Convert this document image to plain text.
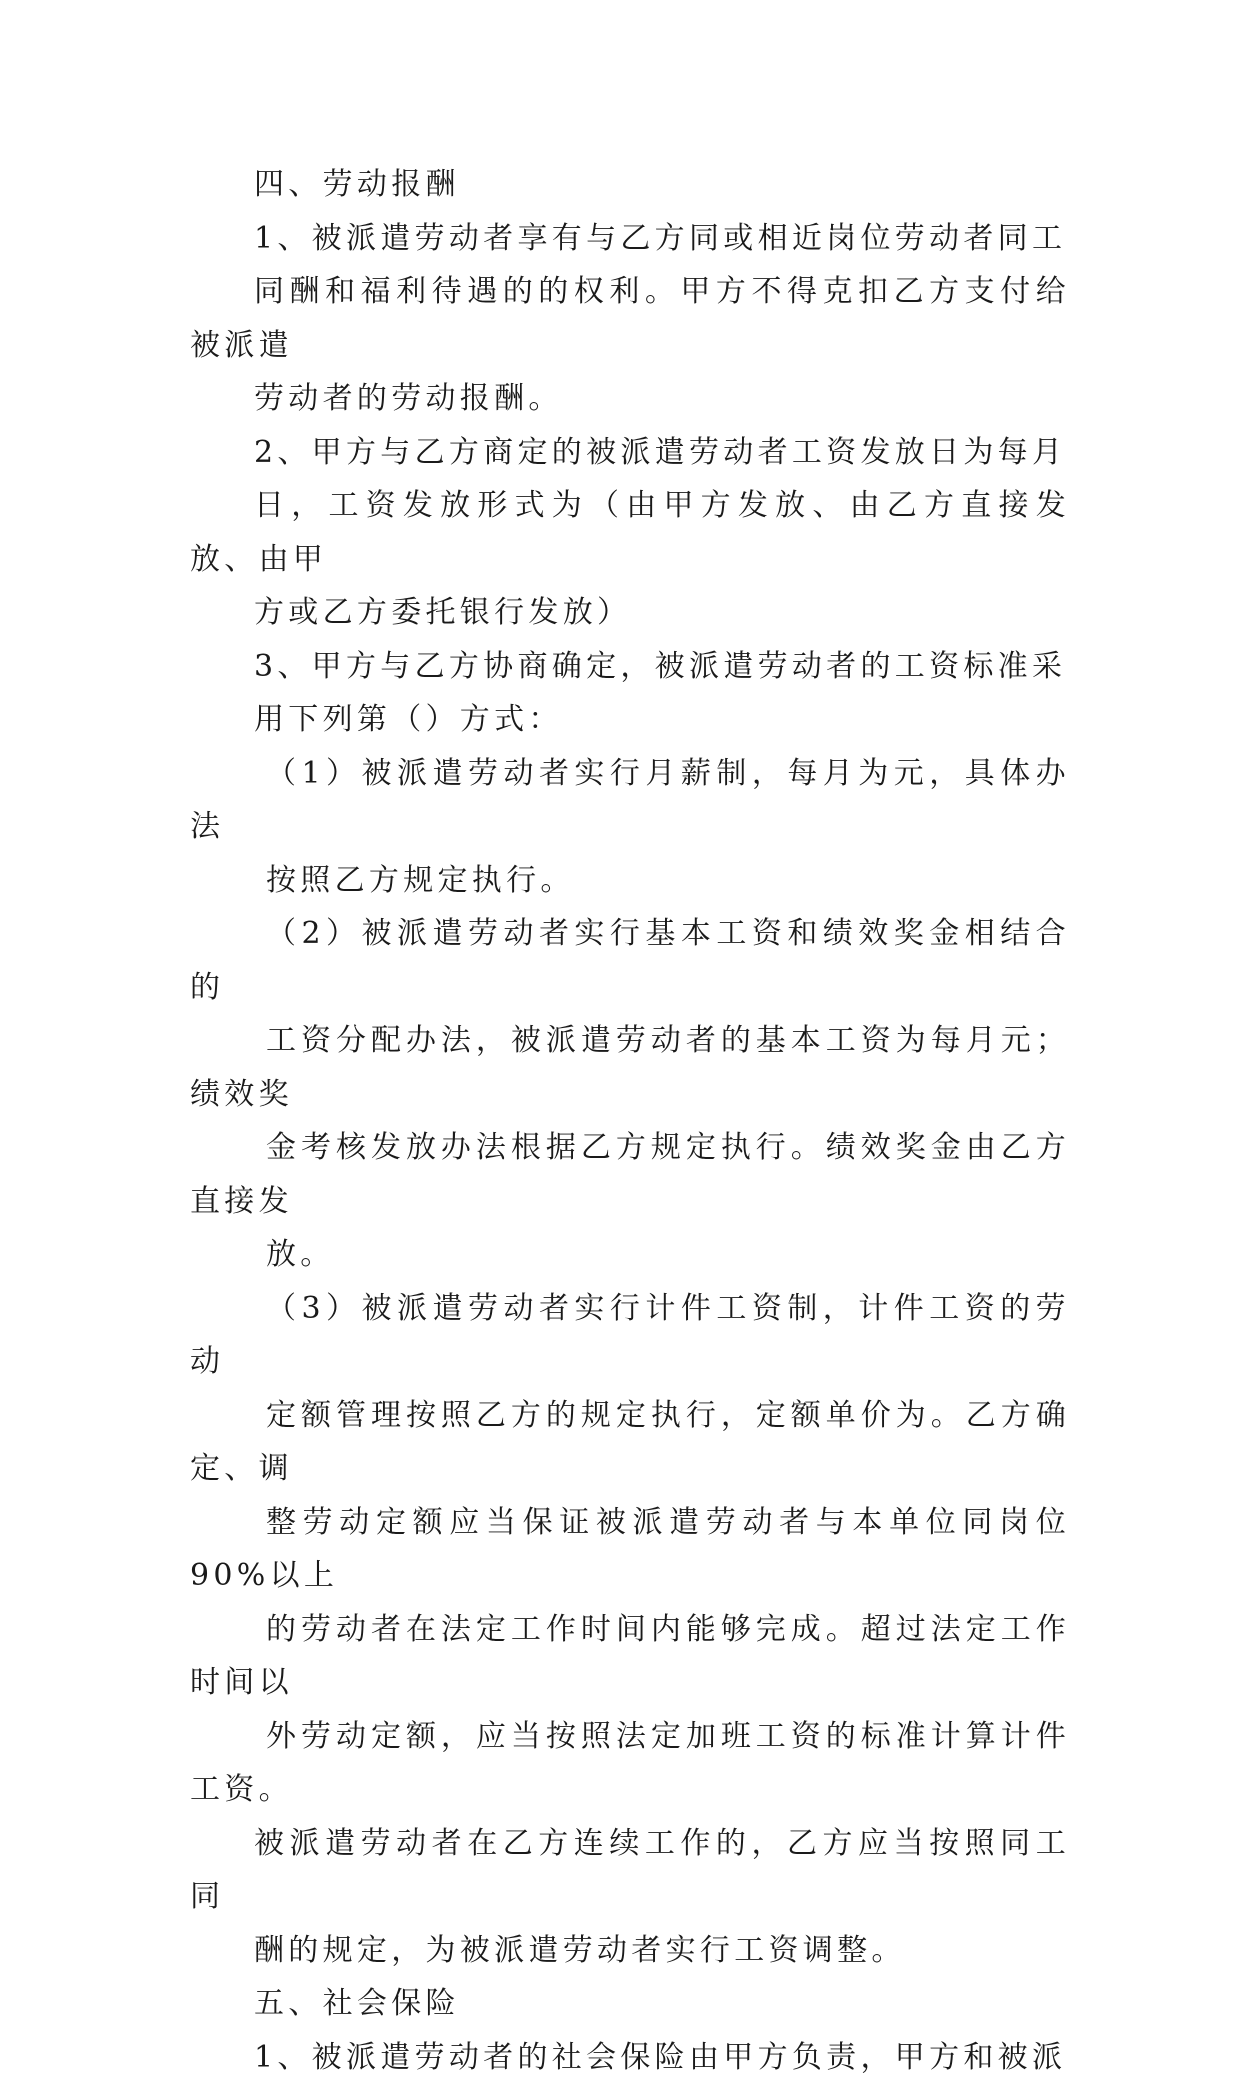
四、劳动报酬

1、被派遣劳动者享有与乙方同或相近岗位劳动者同工
同酬和福利待遇的的权利。甲方不得克扣乙方支付给被派遣
劳动者的劳动报酬。

2、甲方与乙方商定的被派遣劳动者工资发放日为每月
日，工资发放形式为（由甲方发放、由乙方直接发放、由甲
方或乙方委托银行发放）

3、甲方与乙方协商确定，被派遣劳动者的工资标准采
用下列第（）方式：

（1）被派遣劳动者实行月薪制，每月为元，具体办法
按照乙方规定执行。

（2）被派遣劳动者实行基本工资和绩效奖金相结合的
工资分配办法，被派遣劳动者的基本工资为每月元；绩效奖
金考核发放办法根据乙方规定执行。绩效奖金由乙方直接发
放。

（3）被派遣劳动者实行计件工资制，计件工资的劳动
定额管理按照乙方的规定执行，定额单价为。乙方确定、调
整劳动定额应当保证被派遣劳动者与本单位同岗位 90%以上
的劳动者在法定工作时间内能够完成。超过法定工作时间以
外劳动定额，应当按照法定加班工资的标准计算计件工资。

被派遣劳动者在乙方连续工作的，乙方应当按照同工同
酬的规定，为被派遣劳动者实行工资调整。

五、社会保险

1、被派遣劳动者的社会保险由甲方负责，甲方和被派
